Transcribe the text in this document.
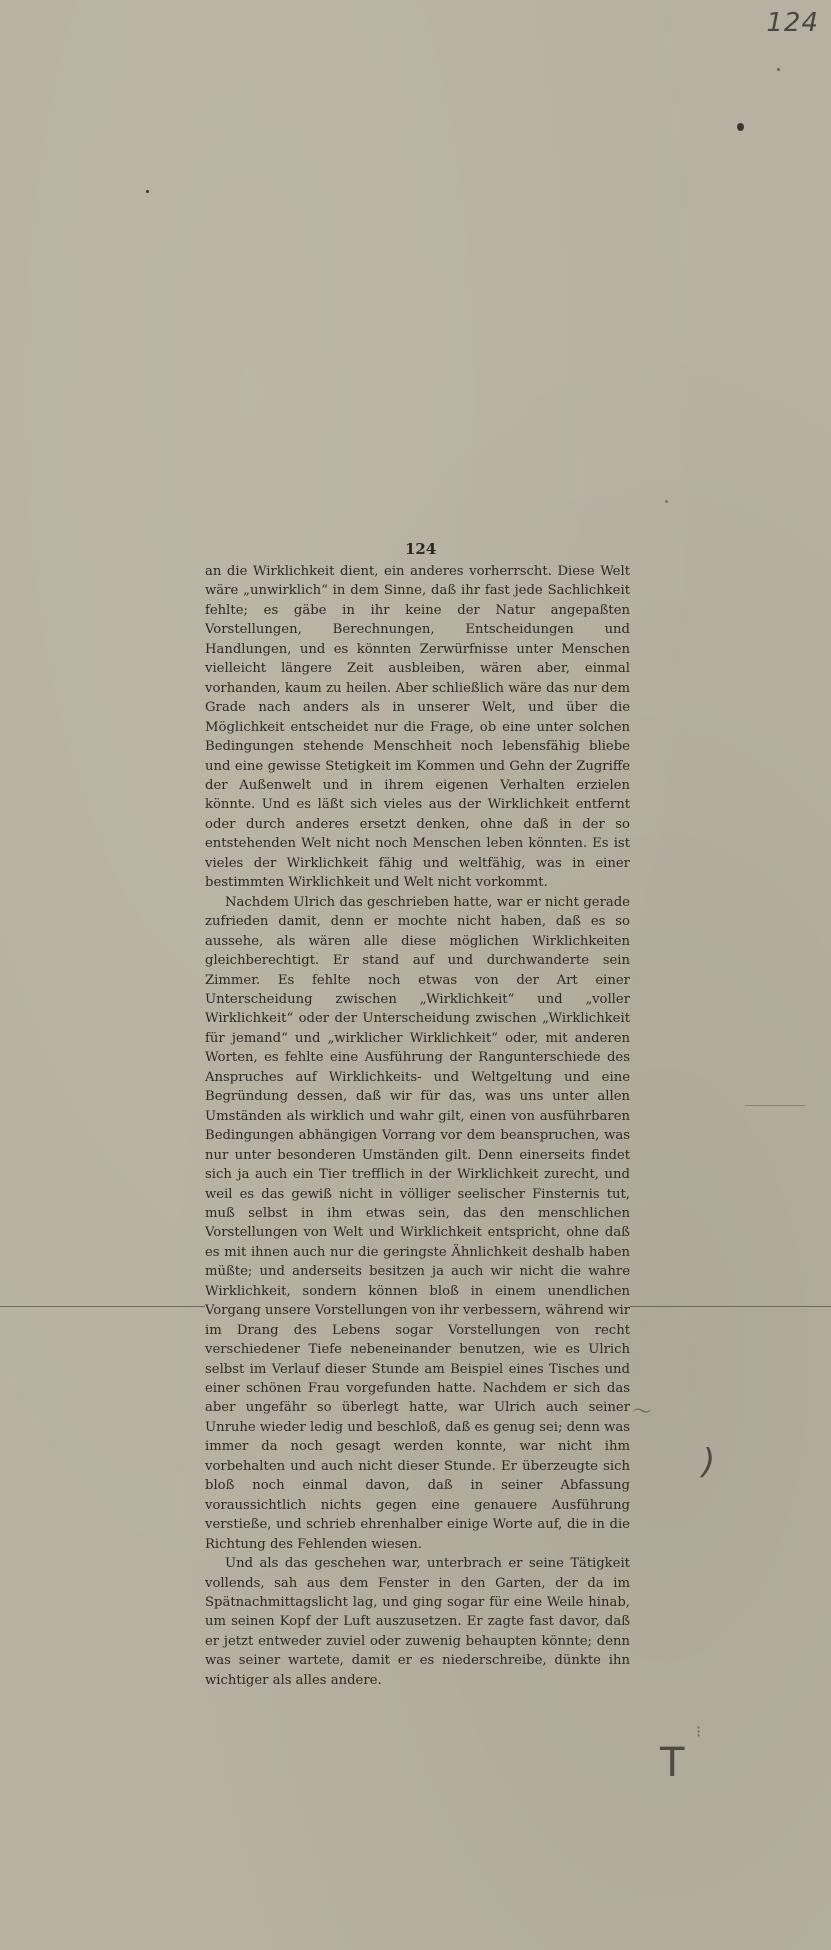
124
124

an die Wirklichkeit dient, ein anderes vorherrscht. Diese Welt wäre „unwirklich“ in dem Sinne, daß ihr fast jede Sachlichkeit fehlte; es gäbe in ihr keine der Natur angepaßten Vorstellungen, Berechnungen, Entscheidungen und Handlungen, und es könnten Zerwürfnisse unter Menschen vielleicht längere Zeit ausbleiben, wären aber, einmal vorhanden, kaum zu heilen. Aber schließlich wäre das nur dem Grade nach anders als in unserer Welt, und über die Möglichkeit entscheidet nur die Frage, ob eine unter solchen Bedingungen stehende Menschheit noch lebensfähig bliebe und eine gewisse Stetigkeit im Kommen und Gehn der Zugriffe der Außenwelt und in ihrem eigenen Verhalten erzielen könnte. Und es läßt sich vieles aus der Wirklichkeit entfernt oder durch anderes ersetzt denken, ohne daß in der so entstehenden Welt nicht noch Menschen leben könnten. Es ist vieles der Wirklichkeit fähig und weltfähig, was in einer bestimmten Wirklichkeit und Welt nicht vorkommt.

Nachdem Ulrich das geschrieben hatte, war er nicht gerade zufrieden damit, denn er mochte nicht haben, daß es so aussehe, als wären alle diese möglichen Wirklichkeiten gleichberechtigt. Er stand auf und durchwanderte sein Zimmer. Es fehlte noch etwas von der Art einer Unterscheidung zwischen „Wirklichkeit“ und „voller Wirklichkeit“ oder der Unterscheidung zwischen „Wirklichkeit für jemand“ und „wirklicher Wirklichkeit“ oder, mit anderen Worten, es fehlte eine Ausführung der Rangunterschiede des Anspruches auf Wirklichkeits- und Weltgeltung und eine Begründung dessen, daß wir für das, was uns unter allen Umständen als wirklich und wahr gilt, einen von ausführbaren Bedingungen abhängigen Vorrang vor dem beanspruchen, was nur unter besonderen Umständen gilt. Denn einerseits findet sich ja auch ein Tier trefflich in der Wirklichkeit zurecht, und weil es das gewiß nicht in völliger seelischer Finsternis tut, muß selbst in ihm etwas sein, das den menschlichen Vorstellungen von Welt und Wirklichkeit entspricht, ohne daß es mit ihnen auch nur die geringste Ähnlichkeit deshalb haben müßte; und anderseits besitzen ja auch wir nicht die wahre Wirklichkeit, sondern können bloß in einem unendlichen Vorgang unsere Vorstellungen von ihr verbessern, während wir im Drang des Lebens sogar Vorstellungen von recht verschiedener Tiefe nebeneinander benutzen, wie es Ulrich selbst im Verlauf dieser Stunde am Beispiel eines Tisches und einer schönen Frau vorgefunden hatte. Nachdem er sich das aber ungefähr so überlegt hatte, war Ulrich auch seiner Unruhe wieder ledig und beschloß, daß es genug sei; denn was immer da noch gesagt werden konnte, war nicht ihm vorbehalten und auch nicht dieser Stunde. Er überzeugte sich bloß noch einmal davon, daß in seiner Abfassung voraussichtlich nichts gegen eine genauere Ausführung verstieße, und schrieb ehrenhalber einige Worte auf, die in die Richtung des Fehlenden wiesen.

Und als das geschehen war, unterbrach er seine Tätigkeit vollends, sah aus dem Fenster in den Garten, der da im Spätnachmittagslicht lag, und ging sogar für eine Weile hinab, um seinen Kopf der Luft auszusetzen. Er zagte fast davor, daß er jetzt entweder zuviel oder zuwenig behaupten könnte; denn was seiner wartete, damit er es niederschreibe, dünkte ihn wichtiger als alles andere.

)
T
〜
⁝
